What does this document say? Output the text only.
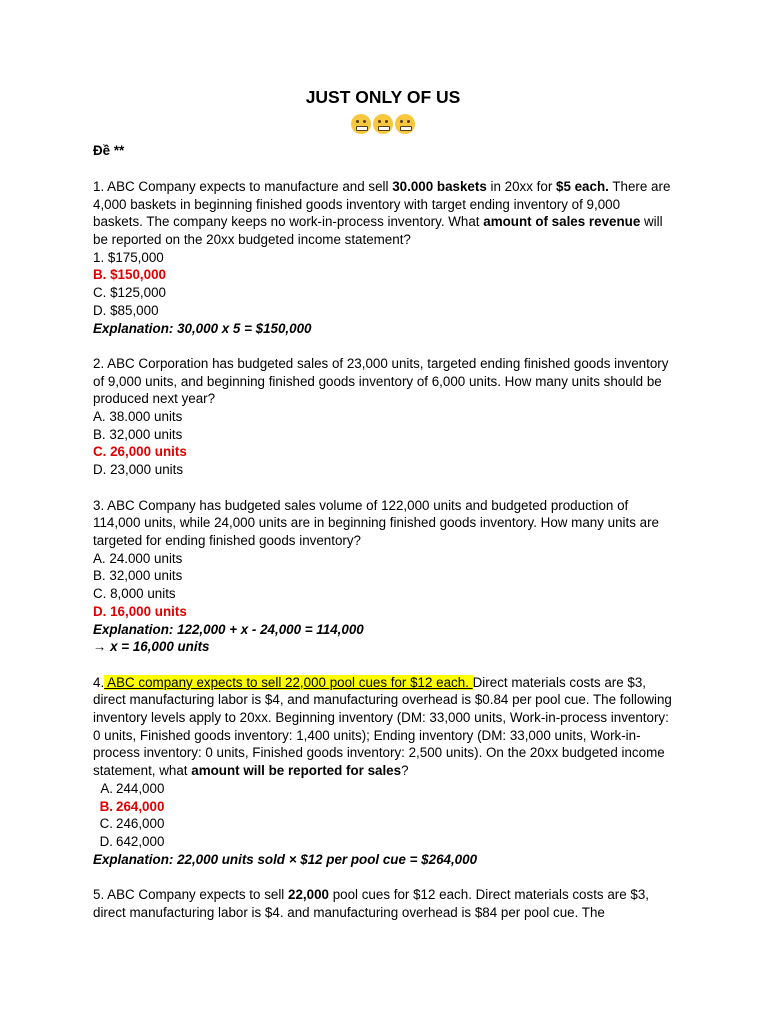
JUST ONLY OF US
Đề **

1. ABC Company expects to manufacture and sell 30.000 baskets in 20xx for $5 each. There are 4,000 baskets in beginning finished goods inventory with target ending inventory of 9,000 baskets. The company keeps no work-in-process inventory. What amount of sales revenue will be reported on the 20xx budgeted income statement?

1. $175,000

B. $150,000

C. $125,000

D. $85,000

Explanation: 30,000 x 5 = $150,000

2. ABC Corporation has budgeted sales of 23,000 units, targeted ending finished goods inventory of 9,000 units, and beginning finished goods inventory of 6,000 units. How many units should be produced next year?

A. 38.000 units

B. 32,000 units

C. 26,000 units

D. 23,000 units

3. ABC Company has budgeted sales volume of 122,000 units and budgeted production of 114,000 units, while 24,000 units are in beginning finished goods inventory. How many units are targeted for ending finished goods inventory?

A. 24.000 units

B. 32,000 units

C. 8,000 units

D. 16,000 units

Explanation: 122,000 + x - 24,000 = 114,000

→ x = 16,000 units

4. ABC company expects to sell 22,000 pool cues for $12 each. Direct materials costs are $3, direct manufacturing labor is $4, and manufacturing overhead is $0.84 per pool cue. The following inventory levels apply to 20xx. Beginning inventory (DM: 33,000 units, Work-in-process inventory: 0 units, Finished goods inventory: 1,400 units); Ending inventory (DM: 33,000 units, Work-in-process inventory: 0 units, Finished goods inventory: 2,500 units). On the 20xx budgeted income statement, what amount will be reported for sales?

A. 244,000
B. 264,000
C. 246,000
D. 642,000

Explanation: 22,000 units sold × $12 per pool cue = $264,000

5. ABC Company expects to sell 22,000 pool cues for $12 each. Direct materials costs are $3, direct manufacturing labor is $4. and manufacturing overhead is $84 per pool cue. The
